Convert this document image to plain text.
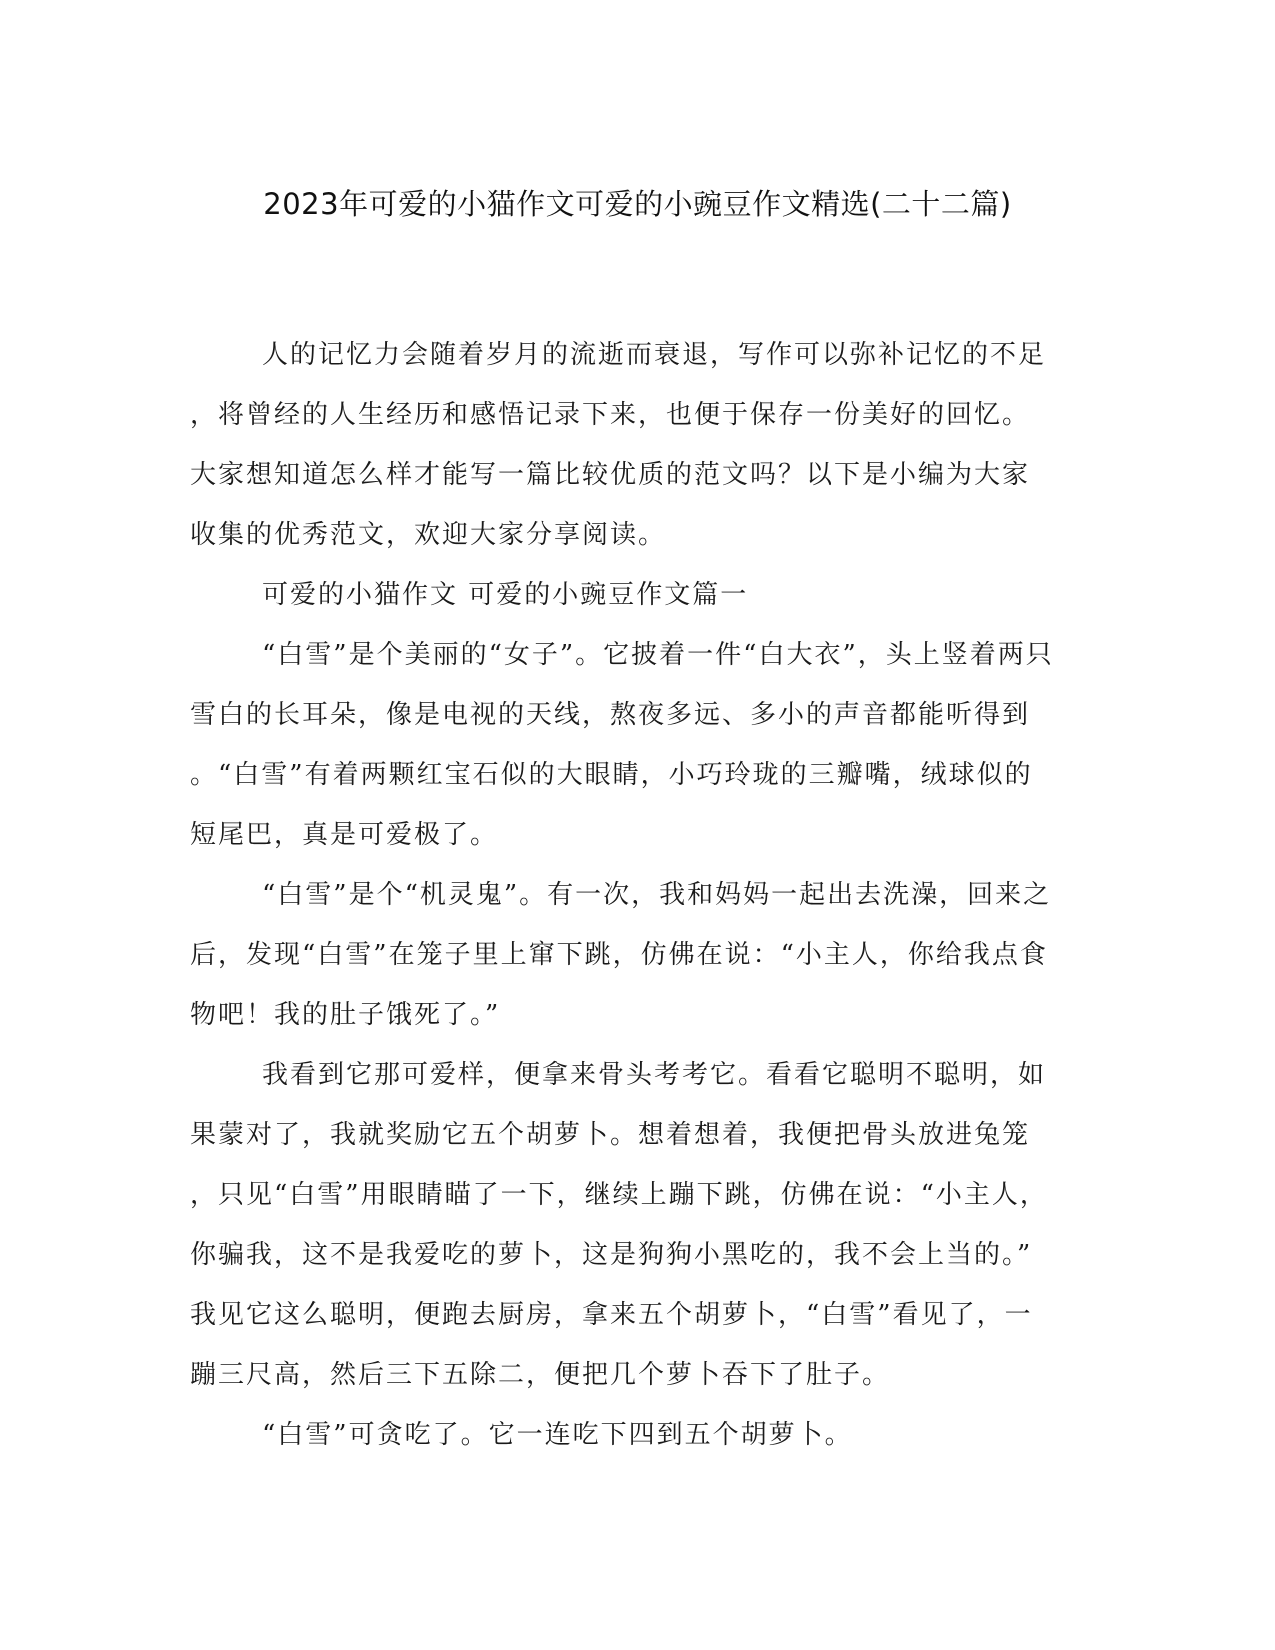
2023年可爱的小猫作文可爱的小豌豆作文精选(二十二篇)
人的记忆力会随着岁月的流逝而衰退，写作可以弥补记忆的不足
，将曾经的人生经历和感悟记录下来，也便于保存一份美好的回忆。
大家想知道怎么样才能写一篇比较优质的范文吗？以下是小编为大家
收集的优秀范文，欢迎大家分享阅读。
可爱的小猫作文 可爱的小豌豆作文篇一
“白雪”是个美丽的“女子”。它披着一件“白大衣”，头上竖着两只
雪白的长耳朵，像是电视的天线，熬夜多远、多小的声音都能听得到
。“白雪”有着两颗红宝石似的大眼睛，小巧玲珑的三瓣嘴，绒球似的
短尾巴，真是可爱极了。
“白雪”是个“机灵鬼”。有一次，我和妈妈一起出去洗澡，回来之
后，发现“白雪”在笼子里上窜下跳，仿佛在说：“小主人，你给我点食
物吧！我的肚子饿死了。”
我看到它那可爱样，便拿来骨头考考它。看看它聪明不聪明，如
果蒙对了，我就奖励它五个胡萝卜。想着想着，我便把骨头放进兔笼
，只见“白雪”用眼睛瞄了一下，继续上蹦下跳，仿佛在说：“小主人，
你骗我，这不是我爱吃的萝卜，这是狗狗小黑吃的，我不会上当的。”
我见它这么聪明，便跑去厨房，拿来五个胡萝卜，“白雪”看见了，一
蹦三尺高，然后三下五除二，便把几个萝卜吞下了肚子。
“白雪”可贪吃了。它一连吃下四到五个胡萝卜。
